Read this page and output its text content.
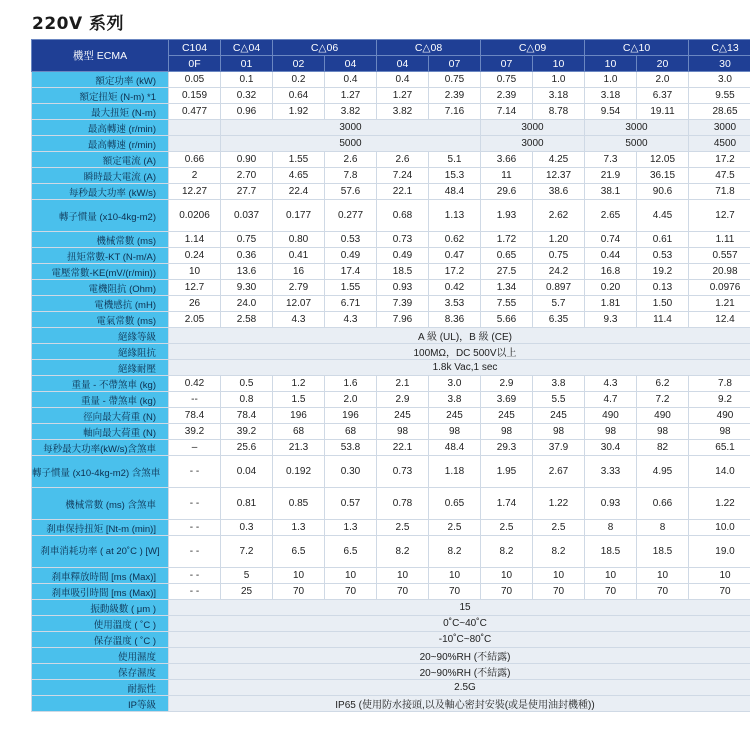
220V 系列
機型 ECMA	C104	C△04	C△06		C△08		C△09		C△10		C△13
	0F	01	02	04	04	07	07	10	10	20	30
額定功率 (kW)	0.05	0.1	0.2	0.4	0.4	0.75	0.75	1.0	1.0	2.0	3.0
額定扭矩 (N-m) *1	0.159	0.32	0.64	1.27	1.27	2.39	2.39	3.18	3.18	6.37	9.55
最大扭矩 (N-m)	0.477	0.96	1.92	3.82	3.82	7.16	7.14	8.78	9.54	19.11	28.65
最高轉速 (r/min)		3000					3000		3000		3000
最高轉速 (r/min)		5000					3000		5000		4500
額定電流 (A)	0.66	0.90	1.55	2.6	2.6	5.1	3.66	4.25	7.3	12.05	17.2
瞬時最大電流 (A)	2	2.70	4.65	7.8	7.24	15.3	11	12.37	21.9	36.15	47.5
每秒最大功率 (kW/s)	12.27	27.7	22.4	57.6	22.1	48.4	29.6	38.6	38.1	90.6	71.8
轉子慣量 (x10-4kg-m2)	0.0206	0.037	0.177	0.277	0.68	1.13	1.93	2.62	2.65	4.45	12.7
機械常數 (ms)	1.14	0.75	0.80	0.53	0.73	0.62	1.72	1.20	0.74	0.61	1.11
扭矩常數-KT (N-m/A)	0.24	0.36	0.41	0.49	0.49	0.47	0.65	0.75	0.44	0.53	0.557
電壓常數-KE(mV/(r/min))	10	13.6	16	17.4	18.5	17.2	27.5	24.2	16.8	19.2	20.98
電機阻抗 (Ohm)	12.7	9.30	2.79	1.55	0.93	0.42	1.34	0.897	0.20	0.13	0.0976
電機感抗 (mH)	26	24.0	12.07	6.71	7.39	3.53	7.55	5.7	1.81	1.50	1.21
電氣常數 (ms)	2.05	2.58	4.3	4.3	7.96	8.36	5.66	6.35	9.3	11.4	12.4
絕緣等級	A 級 (UL)，B 級 (CE)										
絕緣阻抗	100MΩ，DC 500V以上										
絕緣耐壓	1.8k Vac,1 sec										
重量 - 不帶煞車 (kg)	0.42	0.5	1.2	1.6	2.1	3.0	2.9	3.8	4.3	6.2	7.8
重量 - 帶煞車 (kg)	--	0.8	1.5	2.0	2.9	3.8	3.69	5.5	4.7	7.2	9.2
徑向最大荷重 (N)	78.4	78.4	196	196	245	245	245	245	490	490	490
軸向最大荷重 (N)	39.2	39.2	68	68	98	98	98	98	98	98	98
每秒最大功率(kW/s)含煞車	–	25.6	21.3	53.8	22.1	48.4	29.3	37.9	30.4	82	65.1
轉子慣量 (x10-4kg-m2) 含煞車	- -	0.04	0.192	0.30	0.73	1.18	1.95	2.67	3.33	4.95	14.0
機械常數 (ms) 含煞車	- -	0.81	0.85	0.57	0.78	0.65	1.74	1.22	0.93	0.66	1.22
刹車保持扭矩 [Nt-m (min)]	- -	0.3	1.3	1.3	2.5	2.5	2.5	2.5	8	8	10.0
刹車消耗功率 ( at 20˚C ) [W]	- -	7.2	6.5	6.5	8.2	8.2	8.2	8.2	18.5	18.5	19.0
刹車釋放時間 [ms (Max)]	- -	5	10	10	10	10	10	10	10	10	10
刹車吸引時間 [ms (Max)]	- -	25	70	70	70	70	70	70	70	70	70
振動級數 ( μm )	15										
使用溫度 ( ˚C )	0˚C~40˚C										
保存溫度 ( ˚C )	-10˚C~80˚C										
使用濕度	20~90%RH (不結露)										
保存濕度	20~90%RH (不結露)										
耐振性	2.5G										
IP等級	IP65 (使用防水接頭,以及軸心密封安裝(或是使用油封機種))										
